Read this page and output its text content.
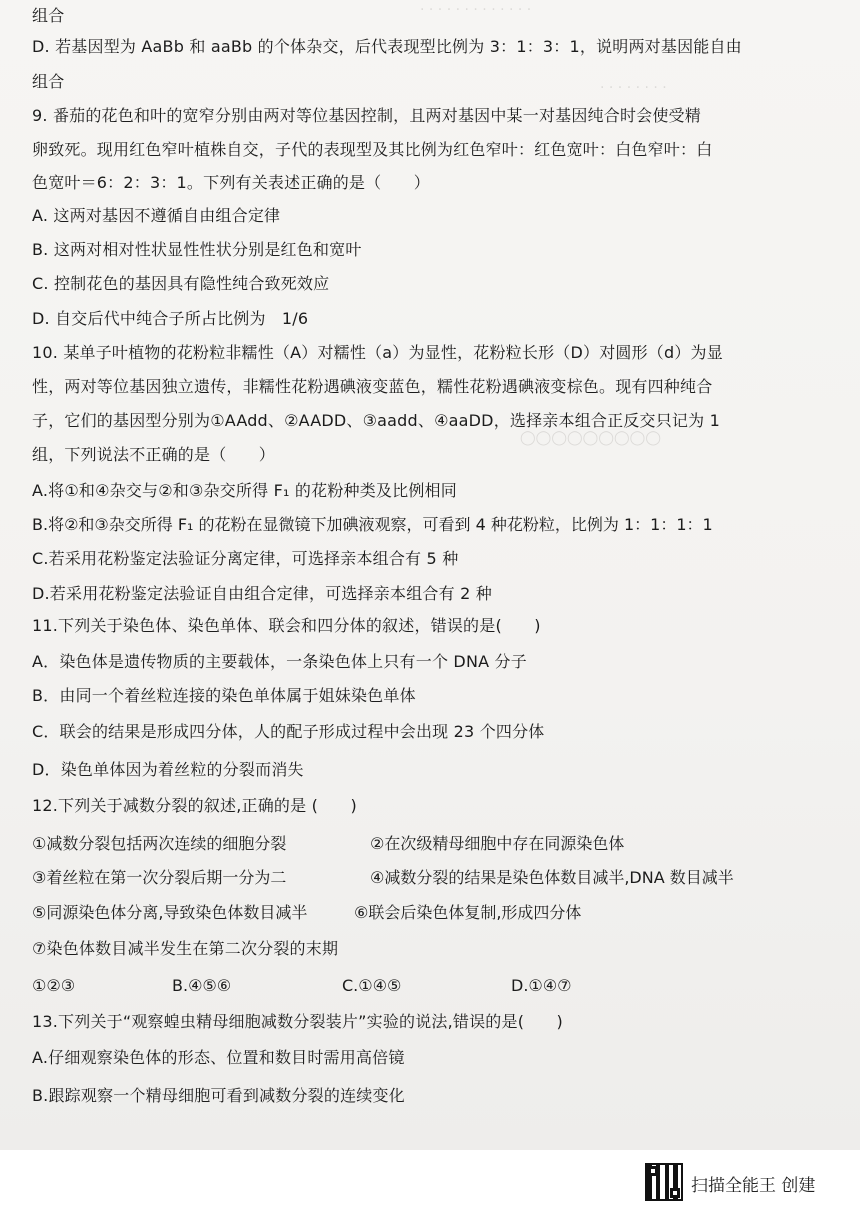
· · · · · · · · · · · · ·
· · · · · · · ·
◯◯◯◯◯◯◯◯◯
组合
D. 若基因型为 AaBb 和 aaBb 的个体杂交，后代表现型比例为 3：1：3：1，说明两对基因能自由
组合
9. 番茄的花色和叶的宽窄分别由两对等位基因控制，且两对基因中某一对基因纯合时会使受精
卵致死。现用红色窄叶植株自交，子代的表现型及其比例为红色窄叶：红色宽叶：白色窄叶：白
色宽叶＝6：2：3：1。下列有关表述正确的是（　　）
A. 这两对基因不遵循自由组合定律
B. 这两对相对性状显性性状分别是红色和宽叶
C. 控制花色的基因具有隐性纯合致死效应
D. 自交后代中纯合子所占比例为　1/6
10. 某单子叶植物的花粉粒非糯性（A）对糯性（a）为显性，花粉粒长形（D）对圆形（d）为显
性，两对等位基因独立遗传，非糯性花粉遇碘液变蓝色，糯性花粉遇碘液变棕色。现有四种纯合
子，它们的基因型分别为①AAdd、②AADD、③aadd、④aaDD，选择亲本组合正反交只记为 1
组，下列说法不正确的是（　　）
A.将①和④杂交与②和③杂交所得 F₁ 的花粉种类及比例相同
B.将②和③杂交所得 F₁ 的花粉在显微镜下加碘液观察，可看到 4 种花粉粒，比例为 1：1：1：1
C.若采用花粉鉴定法验证分离定律，可选择亲本组合有 5 种
D.若采用花粉鉴定法验证自由组合定律，可选择亲本组合有 2 种
11.下列关于染色体、染色单体、联会和四分体的叙述，错误的是(　　)
A．染色体是遗传物质的主要载体，一条染色体上只有一个 DNA 分子
B．由同一个着丝粒连接的染色单体属于姐妹染色单体
C．联会的结果是形成四分体，人的配子形成过程中会出现 23 个四分体
D．染色单体因为着丝粒的分裂而消失
12.下列关于减数分裂的叙述,正确的是 (　　)
①减数分裂包括两次连续的细胞分裂	②在次级精母细胞中存在同源染色体
③着丝粒在第一次分裂后期一分为二	④减数分裂的结果是染色体数目减半,DNA 数目减半
⑤同源染色体分离,导致染色体数目减半	⑥联会后染色体复制,形成四分体
⑦染色体数目减半发生在第二次分裂的末期
①②③	B.④⑤⑥	C.①④⑤	D.①④⑦
13.下列关于“观察蝗虫精母细胞减数分裂装片”实验的说法,错误的是(　　)
A.仔细观察染色体的形态、位置和数目时需用高倍镜
B.跟踪观察一个精母细胞可看到减数分裂的连续变化
扫描全能王 创建
